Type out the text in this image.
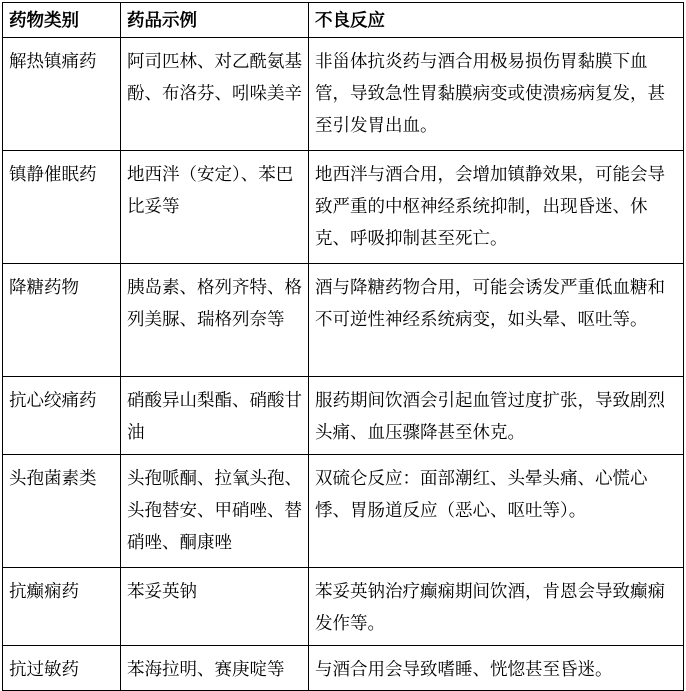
药物类别	药品示例	不良反应
解热镇痛药	阿司匹林、对乙酰氨基酚、布洛芬、吲哚美辛	非甾体抗炎药与酒合用极易损伤胃黏膜下血管，导致急性胃黏膜病变或使溃疡病复发，甚至引发胃出血。
镇静催眠药	地西泮（安定）、苯巴比妥等	地西泮与酒合用，会增加镇静效果，可能会导致严重的中枢神经系统抑制，出现昏迷、休克、呼吸抑制甚至死亡。
降糖药物	胰岛素、格列齐特、格列美脲、瑞格列奈等	酒与降糖药物合用，可能会诱发严重低血糖和不可逆性神经系统病变，如头晕、呕吐等。
抗心绞痛药	硝酸异山梨酯、硝酸甘油	服药期间饮酒会引起血管过度扩张，导致剧烈头痛、血压骤降甚至休克。
头孢菌素类	头孢哌酮、拉氧头孢、头孢替安、甲硝唑、替硝唑、酮康唑	双硫仑反应：面部潮红、头晕头痛、心慌心悸、胃肠道反应（恶心、呕吐等）。
抗癫痫药	苯妥英钠	苯妥英钠治疗癫痫期间饮酒，肯恩会导致癫痫发作等。
抗过敏药	苯海拉明、赛庚啶等	与酒合用会导致嗜睡、恍惚甚至昏迷。
